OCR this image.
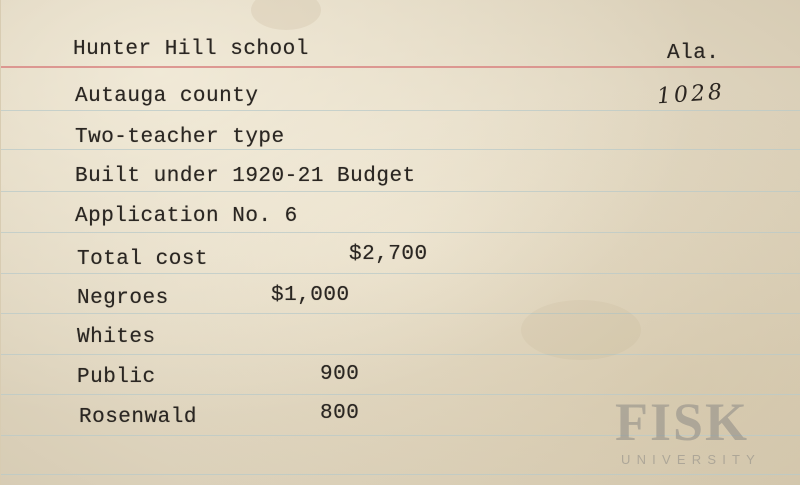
Hunter Hill school	Ala.
Autauga county	1028
Two-teacher type
Built under 1920-21 Budget
Application No. 6
Total cost	$2,700
Negroes	$1,000
Whites
Public	900
Rosenwald	800	FISK
UNIVERSITY
